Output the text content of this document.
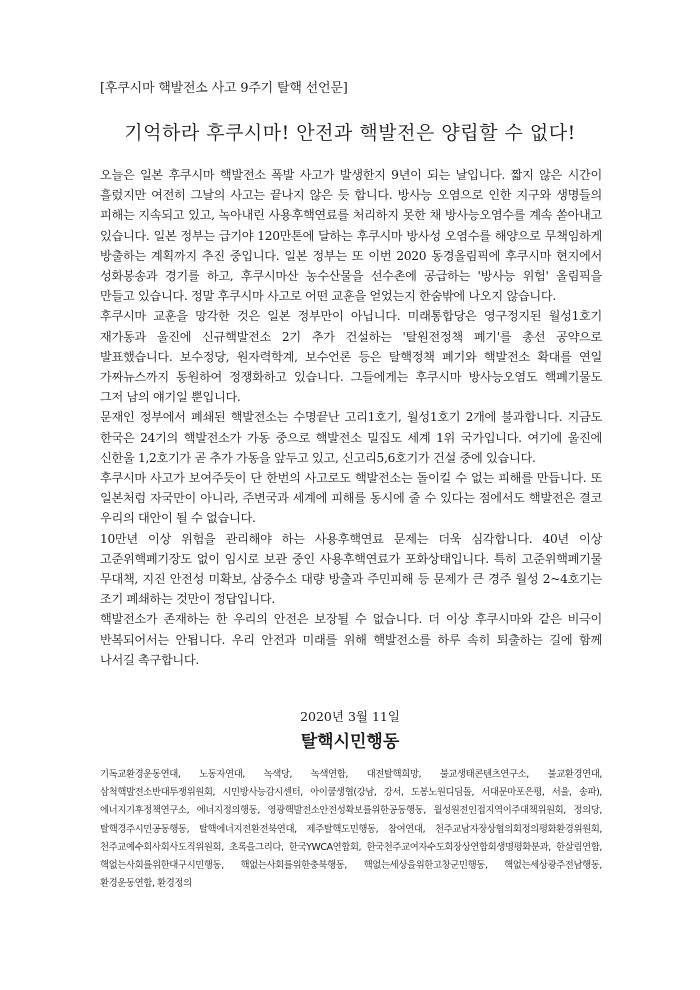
[후쿠시마 핵발전소 사고 9주기 탈핵 선언문]
기억하라 후쿠시마! 안전과 핵발전은 양립할 수 없다!

오늘은 일본 후쿠시마 핵발전소 폭발 사고가 발생한지 9년이 되는 날입니다. 짧지 않은 시간이 흘렀지만 여전히 그날의 사고는 끝나지 않은 듯 합니다. 방사능 오염으로 인한 지구와 생명들의 피해는 지속되고 있고, 녹아내린 사용후핵연료를 처리하지 못한 채 방사능오염수를 계속 쏟아내고 있습니다. 일본 정부는 급기야 120만톤에 달하는 후쿠시마 방사성 오염수를 해양으로 무책임하게 방출하는 계획까지 추진 중입니다. 일본 정부는 또 이번 2020 동경올림픽에 후쿠시마 현지에서 성화봉송과 경기를 하고, 후쿠시마산 농수산물을 선수촌에 공급하는 '방사능 위험' 올림픽을 만들고 있습니다. 정말 후쿠시마 사고로 어떤 교훈을 얻었는지 한숨밖에 나오지 않습니다.

후쿠시마 교훈을 망각한 것은 일본 정부만이 아닙니다. 미래통합당은 영구정지된 월성1호기 재가동과 울진에 신규핵발전소 2기 추가 건설하는 '탈원전정책 폐기'를 총선 공약으로 발표했습니다. 보수정당, 원자력학계, 보수언론 등은 탈핵정책 폐기와 핵발전소 확대를 연일 가짜뉴스까지 동원하여 정쟁화하고 있습니다. 그들에게는 후쿠시마 방사능오염도 핵폐기물도 그저 남의 얘기일 뿐입니다.

문재인 정부에서 폐쇄된 핵발전소는 수명끝난 고리1호기, 월성1호기 2개에 불과합니다. 지금도 한국은 24기의 핵발전소가 가동 중으로 핵발전소 밀집도 세계 1위 국가입니다. 여기에 울진에 신한울 1,2호기가 곧 추가 가동을 앞두고 있고, 신고리5,6호기가 건설 중에 있습니다.

후쿠시마 사고가 보여주듯이 단 한번의 사고로도 핵발전소는 돌이킬 수 없는 피해를 만듭니다. 또 일본처럼 자국만이 아니라, 주변국과 세계에 피해를 동시에 줄 수 있다는 점에서도 핵발전은 결코 우리의 대안이 될 수 없습니다.

10만년 이상 위험을 관리해야 하는 사용후핵연료 문제는 더욱 심각합니다. 40년 이상 고준위핵폐기장도 없이 임시로 보관 중인 사용후핵연료가 포화상태입니다. 특히 고준위핵폐기물 무대책, 지진 안전성 미확보, 삼중수소 대량 방출과 주민피해 등 문제가 큰 경주 월성 2~4호기는 조기 폐쇄하는 것만이 정답입니다.

핵발전소가 존재하는 한 우리의 안전은 보장될 수 없습니다. 더 이상 후쿠시마와 같은 비극이 반복되어서는 안됩니다. 우리 안전과 미래를 위해 핵발전소를 하루 속히 퇴출하는 길에 함께 나서길 촉구합니다.

2020년 3월 11일
탈핵시민행동
기독교환경운동연대, 노동자연대, 녹색당, 녹색연합, 대전탈핵희망, 불교생태콘텐츠연구소, 불교환경연대, 삼척핵발전소반대투쟁위원회, 시민방사능감시센터, 아이쿱생협(강남, 강서, 도봉노원디딤돌, 서대문마포은평, 서울, 송파), 에너지기후정책연구소, 에너지정의행동, 영광핵발전소안전성확보를위한공동행동, 월성원전인접지역이주대책위원회, 정의당, 탈핵경주시민공동행동, 탈핵에너지전환전북연대, 제주탈핵도민행동, 참여연대, 천주교남자장상협의회정의평화환경위원회, 천주교예수회사회사도직위원회, 초록을그리다, 한국YWCA연합회, 한국천주교여자수도회장상연합회생명평화분과, 한살림연합, 핵없는사회를위한대구시민행동, 핵없는사회를위한충북행동, 핵없는세상을위한고창군민행동, 핵없는세상광주전남행동, 환경운동연합, 환경정의
